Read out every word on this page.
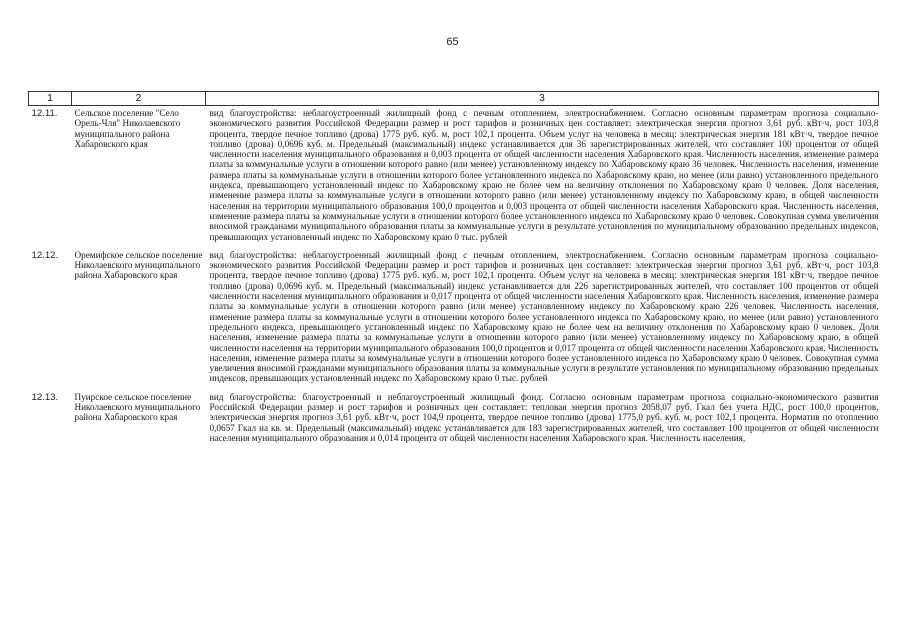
65
1	2	3
12.11.	Сельское поселение "Село Орель-Чля" Николаевского муниципального района Хабаровского края	вид благоустройства: неблагоустроенный жилищный фонд с печным отоплением, электроснабжением. Согласно основным параметрам прогноза социально-экономического развития Российской Федерации размер и рост тарифов и розничных цен составляет: электрическая энергия прогноз 3,61 руб. кВт·ч, рост 103,8 процента, твердое печное топливо (дрова) 1775 руб. куб. м, рост 102,1 процента. Объем услуг на человека в месяц: электрическая энергия 181 кВт·ч, твердое печное топливо (дрова) 0,0696 куб. м. Предельный (максимальный) индекс устанавливается для 36 зарегистрированных жителей, что составляет 100 процентов от общей численности населения муниципального образования и 0,003 процента от общей численности населения Хабаровского края. Численность населения, изменение размера платы за коммунальные услуги в отношении которого равно (или менее) установленному индексу по Хабаровскому краю 36 человек. Численность населения, изменение размера платы за коммунальные услуги в отношении которого более установленного индекса по Хабаровскому краю, но менее (или равно) установленного предельного индекса, превышающего установленный индекс по Хабаровскому краю не более чем на величину отклонения по Хабаровскому краю 0 человек. Доля населения, изменение размера платы за коммунальные услуги в отношении которого равно (или менее) установленному индексу по Хабаровскому краю, в общей численности населения на территории муниципального образования 100,0 процентов и 0,003 процента от общей численности населения Хабаровского края. Численность населения, изменение размера платы за коммунальные услуги в отношении которого более установленного индекса по Хабаровскому краю 0 человек. Совокупная сумма увеличения вносимой гражданами муниципального образования платы за коммунальные услуги в результате установления по муниципальному образованию предельных индексов, превышающих установленный индекс по Хабаровскому краю 0 тыс. рублей
12.12.	Оремифское сельское поселение Николаевского муниципального района Хабаровского края	вид благоустройства: неблагоустроенный жилищный фонд с печным отоплением, электроснабжением. Согласно основным параметрам прогноза социально-экономического развития Российской Федерации размер и рост тарифов и розничных цен составляет: электрическая энергия прогноз 3,61 руб. кВт·ч, рост 103,8 процента, твердое печное топливо (дрова) 1775 руб. куб. м, рост 102,1 процента. Объем услуг на человека в месяц: электрическая энергия 181 кВт·ч, твердое печное топливо (дрова) 0,0696 куб. м. Предельный (максимальный) индекс устанавливается для 226 зарегистрированных жителей, что составляет 100 процентов от общей численности населения муниципального образования и 0,017 процента от общей численности населения Хабаровского края. Численность населения, изменение размера платы за коммунальные услуги в отношении которого равно (или менее) установленному индексу по Хабаровскому краю 226 человек. Численность населения, изменение размера платы за коммунальные услуги в отношении которого более установленного индекса по Хабаровскому краю, но менее (или равно) установленного предельного индекса, превышающего установленный индекс по Хабаровскому краю не более чем на величину отклонения по Хабаровскому краю 0 человек. Доля населения, изменение размера платы за коммунальные услуги в отношении которого равно (или менее) установленному индексу по Хабаровскому краю, в общей численности населения на территории муниципального образования 100,0 процентов и 0,017 процента от общей численности населения Хабаровского края. Численность населения, изменение размера платы за коммунальные услуги в отношении которого более установленного индекса по Хабаровскому краю 0 человек. Совокупная сумма увеличения вносимой гражданами муниципального образования платы за коммунальные услуги в результате установления по муниципальному образованию предельных индексов, превышающих установленный индекс по Хабаровскому краю 0 тыс. рублей
12.13.	Пуирское сельское поселение Николаевского муниципального района Хабаровского края	вид благоустройства: благоустроенный и неблагоустроенный жилищный фонд. Согласно основным параметрам прогноза социально-экономического развития Российской Федерации размер и рост тарифов и розничных цен составляет: тепловая энергия прогноз 2058,07 руб. Гкал без учета НДС, рост 100,0 процентов, электрическая энергия прогноз 3,61 руб. кВт·ч, рост 104,9 процента, твердое печное топливо (дрова) 1775,0 руб. куб. м, рост 102,1 процента. Норматив по отоплению 0,0657 Гкал на кв. м. Предельный (максимальный) индекс устанавливается для 183 зарегистрированных жителей, что составляет 100 процентов от общей численности населения муниципального образования и 0,014 процента от общей численности населения Хабаровского края. Численность населения,
